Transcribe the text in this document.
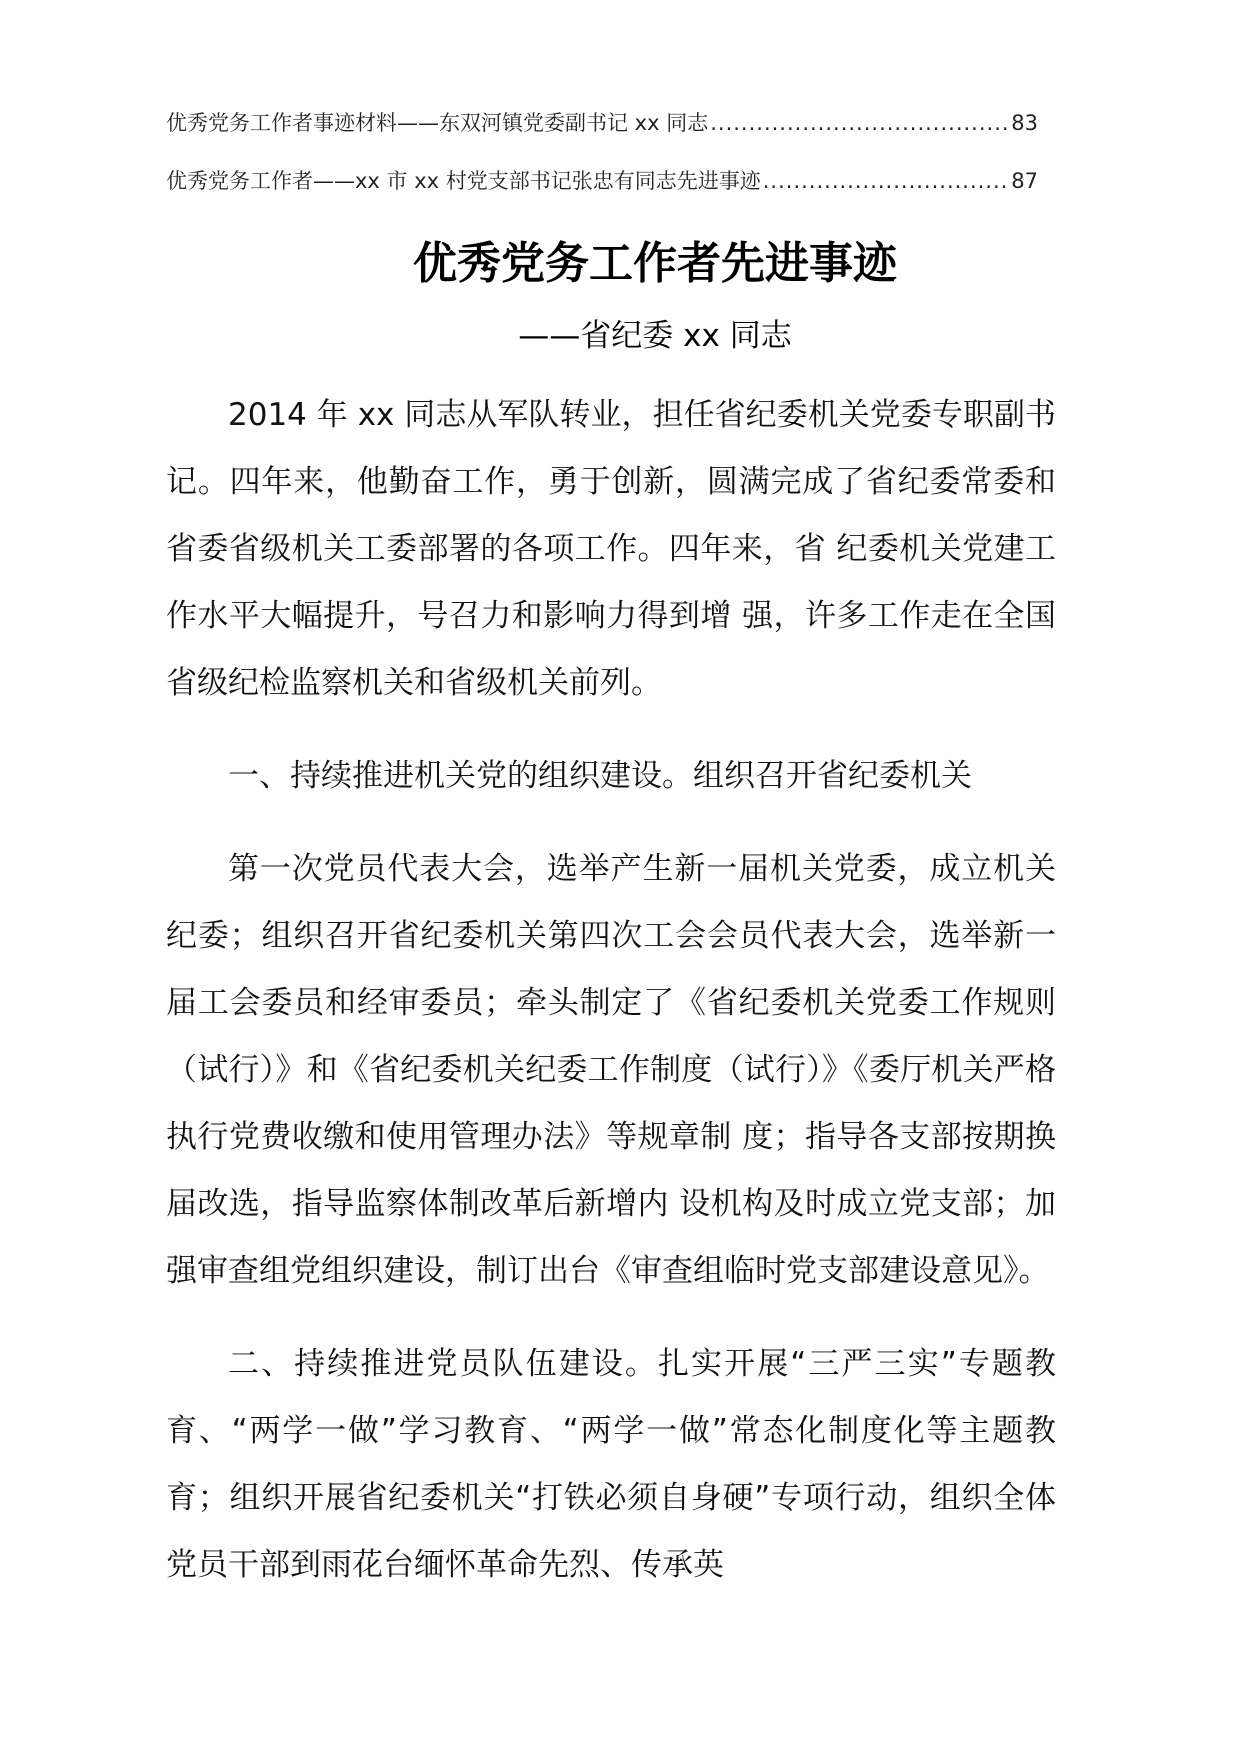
优秀党务工作者事迹材料——东双河镇党委副书记 xx 同志 .....	83
优秀党务工作者——xx 市 xx 村党支部书记张忠有同志先进事迹 .....	87
优秀党务工作者先进事迹
——省纪委 xx 同志

2014 年 xx 同志从军队转业，担任省纪委机关党委专职副书记。四年来，他勤奋工作，勇于创新，圆满完成了省纪委常委和省委省级机关工委部署的各项工作。四年来，省 纪委机关党建工作水平大幅提升，号召力和影响力得到增 强，许多工作走在全国省级纪检监察机关和省级机关前列。

一、持续推进机关党的组织建设。组织召开省纪委机关

第一次党员代表大会，选举产生新一届机关党委，成立机关纪委；组织召开省纪委机关第四次工会会员代表大会，选举新一届工会委员和经审委员；牵头制定了《省纪委机关党委工作规则（试行）》和《省纪委机关纪委工作制度（试行）》《委厅机关严格执行党费收缴和使用管理办法》等规章制 度；指导各支部按期换届改选，指导监察体制改革后新增内 设机构及时成立党支部；加强审查组党组织建设，制订出台《审查组临时党支部建设意见》。

二、持续推进党员队伍建设。扎实开展“三严三实”专题教育、“两学一做”学习教育、“两学一做”常态化制度化等主题教育；组织开展省纪委机关“打铁必须自身硬”专项行动，组织全体党员干部到雨花台缅怀革命先烈、传承英
